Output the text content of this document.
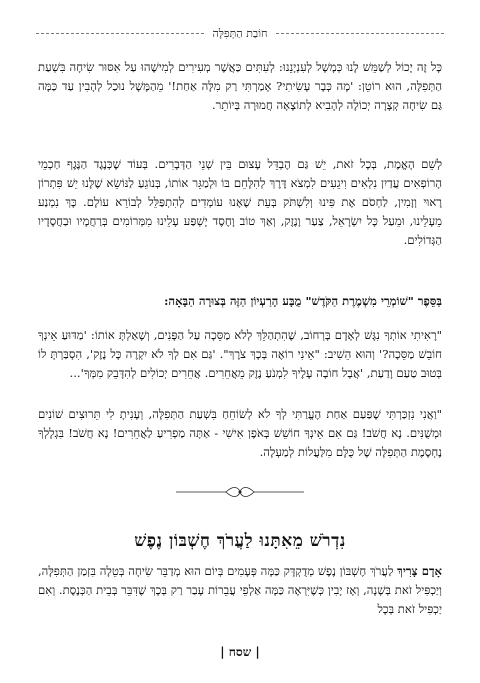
חוֹבַת הַתְּפִלָּה

כָּל זֶה יָכוֹל לְשַׁמֵּשׁ לָנוּ כְּמָשָׁל לְעִנְיָנֵנוּ: לְעִתִּים כַּאֲשֶׁר מְעִירִים לְמִישֶׁהוּ עַל אִסּוּר שִׂיחָה בִּשְׁעַת הַתְּפִלָּה, הוּא רוֹטֵן: 'מָה כְּבָר עָשִׂיתִי? אָמַרְתִּי רַק מִלָּה אַחַת!' מֵהַמָּשָׁל נוּכַל לְהָבִין עַד כַּמָּה גַּם שִׂיחָה קְצָרָה יְכוֹלָה לְהָבִיא לְתוֹצָאָה חֲמוּרָה בְּיוֹתֵר.

לְשֵׁם הָאֱמֶת, בְּכָל זֹאת, יֵשׁ גַּם הֶבְדֵּל עָצוּם בֵּין שְׁנֵי הַדְּבָרִים. בְּעוֹד שֶׁכְּנֶגֶד הַנֶּגֶף חַכְמֵי הָרוֹפְאִים עֲדַיִן נִלְאִים וִיגֵעִים לִמְצֹא דֶּרֶךְ לְהִלָּחֵם בּוֹ וּלְמַגֵּר אוֹתוֹ, בְּנוֹגֵעַ לַנּוֹשֵׂא שֶׁלָּנוּ יֵשׁ פִּתְרוֹן רָאוּי וְזָמִין, לַחְסֹם אֶת פִּינוּ וְלִשְׁתֹּק בְּעֵת שֶׁאָנוּ עוֹמְדִים לְהִתְפַּלֵּל לְבוֹרֵא עוֹלָם. כָּךְ נִמְנַע מֵעָלֵינוּ, וּמֵעַל כָּל יִשְׂרָאֵל, צַעַר וָנֶזֶק, וְאַךְ טוֹב וָחֶסֶד יָשְׁפַּע עָלֵינוּ מִמְּרוֹמִים בְּרַחֲמָיו וּבַחֲסָדָיו הַגְּדוֹלִים.

בַּסֵּפֶר "שׁוֹמְרֵי מִשְׁמֶרֶת הַקֹּדֶשׁ" מֻבָּע הָרַעְיוֹן הַזֶּה בְּצוּרָה הַבָּאָה:

"רָאִיתִי אוֹתְךָ נִגָּשׁ לְאָדָם בָּרְחוֹב, שֶׁהִתְהַלֵּךְ לְלֹא מַסֵּכָה עַל הַפָּנִים, וְשָׁאַלְתָּ אוֹתוֹ: 'מַדּוּעַ אֵינְךָ חוֹבֵשׁ מַסֵּכָה?' וְהוּא הֵשִׁיב: "אֵינִי רוֹאֶה בְּכָךְ צֹרֶךְ". 'גַּם אִם לְךָ לֹא יִקְרֶה כָּל נֶזֶק', הִסְבַּרְתָּ לוֹ בְּטוּב טַעַם וָדַעַת, 'אֲבָל חוֹבָה עָלֶיךָ לִמְנֹעַ נֶזֶק מֵאֲחֵרִים. אֲחֵרִים יְכוֹלִים לְהִדָּבֵק מִמְּךָ'...

"וַאֲנִי נִזְכַּרְתִּי שֶׁפַּעַם אַחַת הֶעֱרַתִּי לְךָ לֹא לְשׂוֹחֵחַ בִּשְׁעַת הַתְּפִלָּה, וְעָנִיתָ לִי תֵּרוּצִים שׁוֹנִים וּמְשֻׁנִּים. נָא חֲשֹׁב! גַּם אִם אֵינְךָ חוֹשֵׁשׁ בְּאֹפֶן אִישִׁי - אַתָּה מַפְרִיעַ לַאֲחֵרִים! נָא חֲשֹׁב! בִּגְלָלְךָ נֶחְסֶמֶת הַתְּפִלָּה שֶׁל כֻּלָּם מִלַּעֲלוֹת לְמַעְלָה.

נִדְרֹשׁ מֵאִתָּנוּ לַעֲרֹךְ חֶשְׁבּוֹן נֶפֶשׁ

אָדָם צָרִיךְ לַעֲרֹךְ חֶשְׁבּוֹן נֶפֶשׁ מְדֻקְדָּק כַּמָּה פְּעָמִים בְּיוֹם הוּא מְדַבֵּר שִׂיחָה בְּטֵלָה בִּזְמַן הַתְּפִלָּה, וְיַכְפִּיל זֹאת בְּשָׁנָה, וְאָז יָבִין כְּשֶׁיִּרְאֶה כַּמָּה אַלְפֵי עֲבֵרוֹת עָבַר רַק בְּכָךְ שֶׁדִּבֵּר בְּבֵית הַכְּנֶסֶת. וְאִם יַכְפִּיל זֹאת בְּכָל

| שסח |
